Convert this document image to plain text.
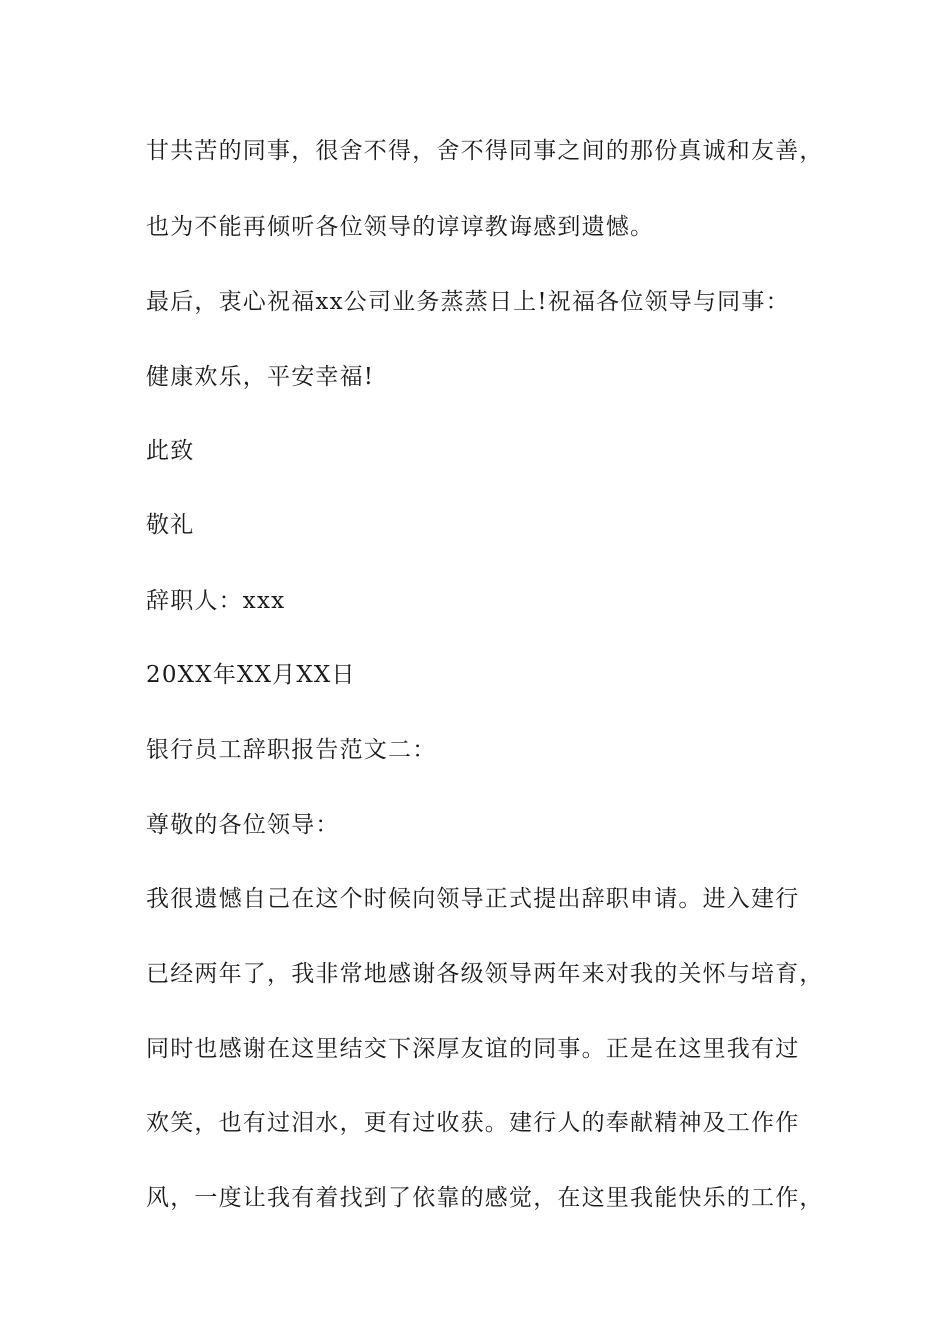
甘共苦的同事，很舍不得，舍不得同事之间的那份真诚和友善，
也为不能再倾听各位领导的谆谆教诲感到遗憾。
最后，衷心祝福xx公司业务蒸蒸日上!祝福各位领导与同事：
健康欢乐，平安幸福!
此致
敬礼
辞职人：xxx
20XX年XX月XX日
银行员工辞职报告范文二：
尊敬的各位领导：
我很遗憾自己在这个时候向领导正式提出辞职申请。进入建行
已经两年了，我非常地感谢各级领导两年来对我的关怀与培育，
同时也感谢在这里结交下深厚友谊的同事。正是在这里我有过
欢笑，也有过泪水，更有过收获。建行人的奉献精神及工作作
风，一度让我有着找到了依靠的感觉，在这里我能快乐的工作，
